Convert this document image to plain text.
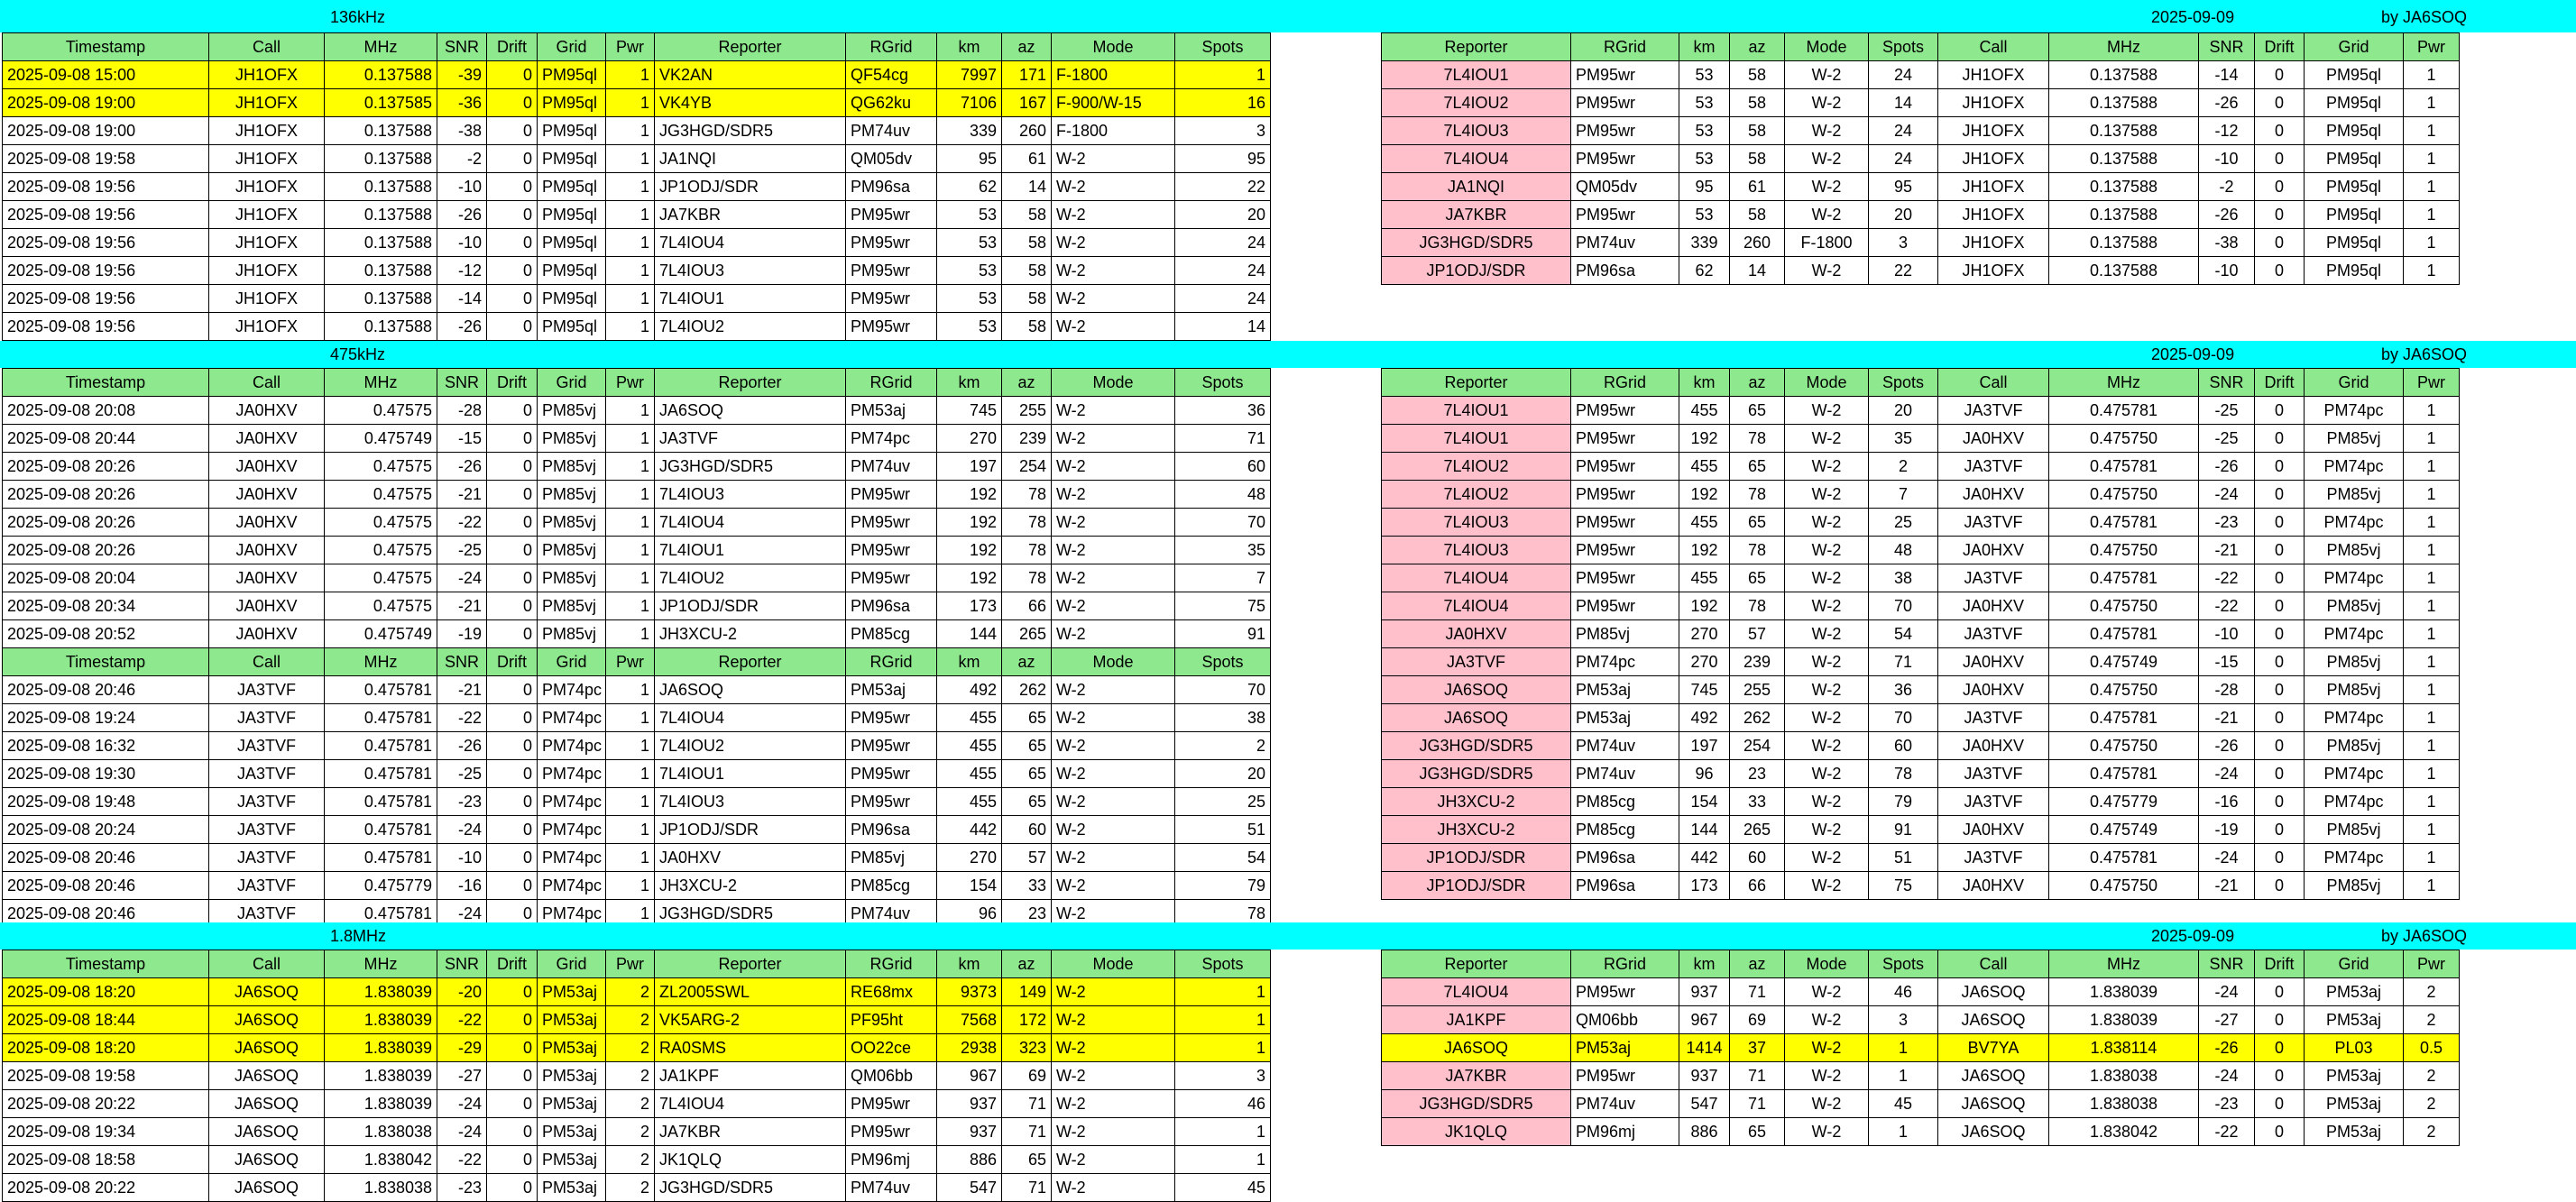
136kHz	2025-09-09	by JA6SOQ
Timestamp	Call	MHz	SNR	Drift	Grid	Pwr	Reporter	RGrid	km	az	Mode	Spots
2025-09-08 15:00	JH1OFX	0.137588	-39	0	PM95ql	1	VK2AN	QF54cg	7997	171	F-1800	1
2025-09-08 19:00	JH1OFX	0.137585	-36	0	PM95ql	1	VK4YB	QG62ku	7106	167	F-900/W-15	16
2025-09-08 19:00	JH1OFX	0.137588	-38	0	PM95ql	1	JG3HGD/SDR5	PM74uv	339	260	F-1800	3
2025-09-08 19:58	JH1OFX	0.137588	-2	0	PM95ql	1	JA1NQI	QM05dv	95	61	W-2	95
2025-09-08 19:56	JH1OFX	0.137588	-10	0	PM95ql	1	JP1ODJ/SDR	PM96sa	62	14	W-2	22
2025-09-08 19:56	JH1OFX	0.137588	-26	0	PM95ql	1	JA7KBR	PM95wr	53	58	W-2	20
2025-09-08 19:56	JH1OFX	0.137588	-10	0	PM95ql	1	7L4IOU4	PM95wr	53	58	W-2	24
2025-09-08 19:56	JH1OFX	0.137588	-12	0	PM95ql	1	7L4IOU3	PM95wr	53	58	W-2	24
2025-09-08 19:56	JH1OFX	0.137588	-14	0	PM95ql	1	7L4IOU1	PM95wr	53	58	W-2	24
2025-09-08 19:56	JH1OFX	0.137588	-26	0	PM95ql	1	7L4IOU2	PM95wr	53	58	W-2	14
Reporter	RGrid	km	az	Mode	Spots	Call	MHz	SNR	Drift	Grid	Pwr
7L4IOU1	PM95wr	53	58	W-2	24	JH1OFX	0.137588	-14	0	PM95ql	1
7L4IOU2	PM95wr	53	58	W-2	14	JH1OFX	0.137588	-26	0	PM95ql	1
7L4IOU3	PM95wr	53	58	W-2	24	JH1OFX	0.137588	-12	0	PM95ql	1
7L4IOU4	PM95wr	53	58	W-2	24	JH1OFX	0.137588	-10	0	PM95ql	1
JA1NQI	QM05dv	95	61	W-2	95	JH1OFX	0.137588	-2	0	PM95ql	1
JA7KBR	PM95wr	53	58	W-2	20	JH1OFX	0.137588	-26	0	PM95ql	1
JG3HGD/SDR5	PM74uv	339	260	F-1800	3	JH1OFX	0.137588	-38	0	PM95ql	1
JP1ODJ/SDR	PM96sa	62	14	W-2	22	JH1OFX	0.137588	-10	0	PM95ql	1
475kHz	2025-09-09	by JA6SOQ
Timestamp	Call	MHz	SNR	Drift	Grid	Pwr	Reporter	RGrid	km	az	Mode	Spots
2025-09-08 20:08	JA0HXV	0.47575	-28	0	PM85vj	1	JA6SOQ	PM53aj	745	255	W-2	36
2025-09-08 20:44	JA0HXV	0.475749	-15	0	PM85vj	1	JA3TVF	PM74pc	270	239	W-2	71
2025-09-08 20:26	JA0HXV	0.47575	-26	0	PM85vj	1	JG3HGD/SDR5	PM74uv	197	254	W-2	60
2025-09-08 20:26	JA0HXV	0.47575	-21	0	PM85vj	1	7L4IOU3	PM95wr	192	78	W-2	48
2025-09-08 20:26	JA0HXV	0.47575	-22	0	PM85vj	1	7L4IOU4	PM95wr	192	78	W-2	70
2025-09-08 20:26	JA0HXV	0.47575	-25	0	PM85vj	1	7L4IOU1	PM95wr	192	78	W-2	35
2025-09-08 20:04	JA0HXV	0.47575	-24	0	PM85vj	1	7L4IOU2	PM95wr	192	78	W-2	7
2025-09-08 20:34	JA0HXV	0.47575	-21	0	PM85vj	1	JP1ODJ/SDR	PM96sa	173	66	W-2	75
2025-09-08 20:52	JA0HXV	0.475749	-19	0	PM85vj	1	JH3XCU-2	PM85cg	144	265	W-2	91
Timestamp	Call	MHz	SNR	Drift	Grid	Pwr	Reporter	RGrid	km	az	Mode	Spots
2025-09-08 20:46	JA3TVF	0.475781	-21	0	PM74pc	1	JA6SOQ	PM53aj	492	262	W-2	70
2025-09-08 19:24	JA3TVF	0.475781	-22	0	PM74pc	1	7L4IOU4	PM95wr	455	65	W-2	38
2025-09-08 16:32	JA3TVF	0.475781	-26	0	PM74pc	1	7L4IOU2	PM95wr	455	65	W-2	2
2025-09-08 19:30	JA3TVF	0.475781	-25	0	PM74pc	1	7L4IOU1	PM95wr	455	65	W-2	20
2025-09-08 19:48	JA3TVF	0.475781	-23	0	PM74pc	1	7L4IOU3	PM95wr	455	65	W-2	25
2025-09-08 20:24	JA3TVF	0.475781	-24	0	PM74pc	1	JP1ODJ/SDR	PM96sa	442	60	W-2	51
2025-09-08 20:46	JA3TVF	0.475781	-10	0	PM74pc	1	JA0HXV	PM85vj	270	57	W-2	54
2025-09-08 20:46	JA3TVF	0.475779	-16	0	PM74pc	1	JH3XCU-2	PM85cg	154	33	W-2	79
2025-09-08 20:46	JA3TVF	0.475781	-24	0	PM74pc	1	JG3HGD/SDR5	PM74uv	96	23	W-2	78
Reporter	RGrid	km	az	Mode	Spots	Call	MHz	SNR	Drift	Grid	Pwr
7L4IOU1	PM95wr	455	65	W-2	20	JA3TVF	0.475781	-25	0	PM74pc	1
7L4IOU1	PM95wr	192	78	W-2	35	JA0HXV	0.475750	-25	0	PM85vj	1
7L4IOU2	PM95wr	455	65	W-2	2	JA3TVF	0.475781	-26	0	PM74pc	1
7L4IOU2	PM95wr	192	78	W-2	7	JA0HXV	0.475750	-24	0	PM85vj	1
7L4IOU3	PM95wr	455	65	W-2	25	JA3TVF	0.475781	-23	0	PM74pc	1
7L4IOU3	PM95wr	192	78	W-2	48	JA0HXV	0.475750	-21	0	PM85vj	1
7L4IOU4	PM95wr	455	65	W-2	38	JA3TVF	0.475781	-22	0	PM74pc	1
7L4IOU4	PM95wr	192	78	W-2	70	JA0HXV	0.475750	-22	0	PM85vj	1
JA0HXV	PM85vj	270	57	W-2	54	JA3TVF	0.475781	-10	0	PM74pc	1
JA3TVF	PM74pc	270	239	W-2	71	JA0HXV	0.475749	-15	0	PM85vj	1
JA6SOQ	PM53aj	745	255	W-2	36	JA0HXV	0.475750	-28	0	PM85vj	1
JA6SOQ	PM53aj	492	262	W-2	70	JA3TVF	0.475781	-21	0	PM74pc	1
JG3HGD/SDR5	PM74uv	197	254	W-2	60	JA0HXV	0.475750	-26	0	PM85vj	1
JG3HGD/SDR5	PM74uv	96	23	W-2	78	JA3TVF	0.475781	-24	0	PM74pc	1
JH3XCU-2	PM85cg	154	33	W-2	79	JA3TVF	0.475779	-16	0	PM74pc	1
JH3XCU-2	PM85cg	144	265	W-2	91	JA0HXV	0.475749	-19	0	PM85vj	1
JP1ODJ/SDR	PM96sa	442	60	W-2	51	JA3TVF	0.475781	-24	0	PM74pc	1
JP1ODJ/SDR	PM96sa	173	66	W-2	75	JA0HXV	0.475750	-21	0	PM85vj	1
1.8MHz	2025-09-09	by JA6SOQ
Timestamp	Call	MHz	SNR	Drift	Grid	Pwr	Reporter	RGrid	km	az	Mode	Spots
2025-09-08 18:20	JA6SOQ	1.838039	-20	0	PM53aj	2	ZL2005SWL	RE68mx	9373	149	W-2	1
2025-09-08 18:44	JA6SOQ	1.838039	-22	0	PM53aj	2	VK5ARG-2	PF95ht	7568	172	W-2	1
2025-09-08 18:20	JA6SOQ	1.838039	-29	0	PM53aj	2	RA0SMS	OO22ce	2938	323	W-2	1
2025-09-08 19:58	JA6SOQ	1.838039	-27	0	PM53aj	2	JA1KPF	QM06bb	967	69	W-2	3
2025-09-08 20:22	JA6SOQ	1.838039	-24	0	PM53aj	2	7L4IOU4	PM95wr	937	71	W-2	46
2025-09-08 19:34	JA6SOQ	1.838038	-24	0	PM53aj	2	JA7KBR	PM95wr	937	71	W-2	1
2025-09-08 18:58	JA6SOQ	1.838042	-22	0	PM53aj	2	JK1QLQ	PM96mj	886	65	W-2	1
2025-09-08 20:22	JA6SOQ	1.838038	-23	0	PM53aj	2	JG3HGD/SDR5	PM74uv	547	71	W-2	45
Reporter	RGrid	km	az	Mode	Spots	Call	MHz	SNR	Drift	Grid	Pwr
7L4IOU4	PM95wr	937	71	W-2	46	JA6SOQ	1.838039	-24	0	PM53aj	2
JA1KPF	QM06bb	967	69	W-2	3	JA6SOQ	1.838039	-27	0	PM53aj	2
JA6SOQ	PM53aj	1414	37	W-2	1	BV7YA	1.838114	-26	0	PL03	0.5
JA7KBR	PM95wr	937	71	W-2	1	JA6SOQ	1.838038	-24	0	PM53aj	2
JG3HGD/SDR5	PM74uv	547	71	W-2	45	JA6SOQ	1.838038	-23	0	PM53aj	2
JK1QLQ	PM96mj	886	65	W-2	1	JA6SOQ	1.838042	-22	0	PM53aj	2
